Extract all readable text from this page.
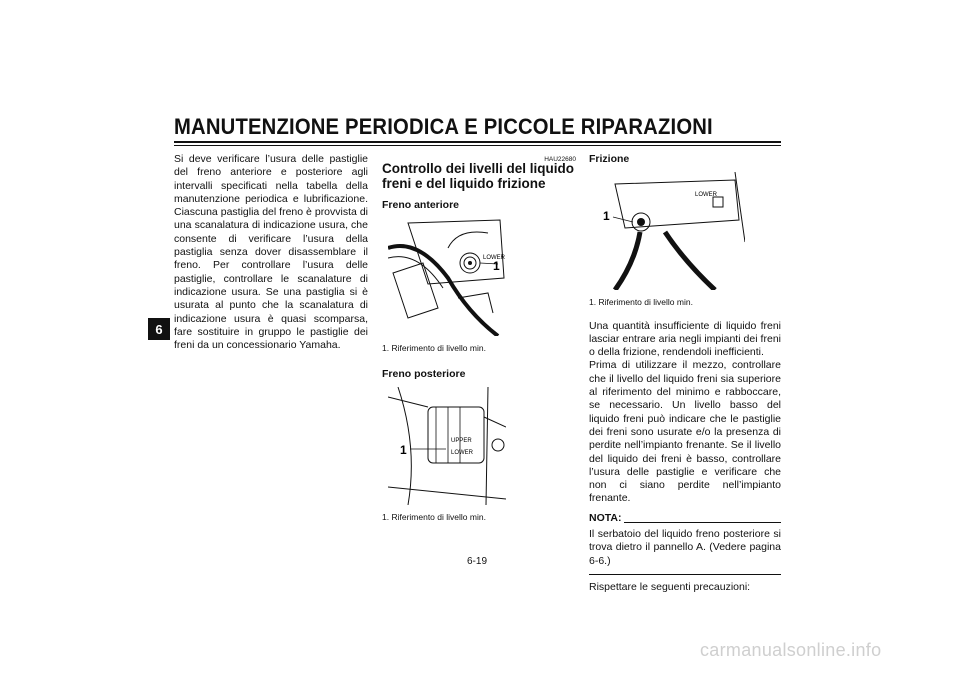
MANUTENZIONE PERIODICA E PICCOLE RIPARAZIONI
6

Si deve verificare l’usura delle pastiglie del freno anteriore e posteriore agli intervalli specificati nella tabella della manutenzione periodica e lubrificazione. Ciascuna pastiglia del freno è provvista di una scanalatura di indicazione usura, che consente di verificare l’usura della pastiglia senza dover disassemblare il freno. Per controllare l’usura delle pastiglie, controllare le scanalature di indicazione usura. Se una pastiglia si è usurata al punto che la scanalatura di indicazione usura è quasi scomparsa, fare sostituire in gruppo le pastiglie dei freni da un concessionario Yamaha.

HAU22680
Controllo dei livelli del liquido freni e del liquido frizione
Freno anteriore
LOWER
1
1. Riferimento di livello min.
Freno posteriore
UPPER
LOWER
1
1. Riferimento di livello min.
Frizione
LOWER
1
1. Riferimento di livello min.

Una quantità insufficiente di liquido freni lasciar entrare aria negli impianti dei freni o della frizione, rendendoli inefficienti.

Prima di utilizzare il mezzo, controllare che il livello del liquido freni sia superiore al riferimento del minimo e rabboccare, se necessario. Un livello basso del liquido freni può indicare che le pastiglie dei freni sono usurate e/o la presenza di perdite nell’impianto frenante. Se il livello del liquido dei freni è basso, controllare l’usura delle pastiglie e verificare che non ci siano perdite nell’impianto frenante.

NOTA:

Il serbatoio del liquido freno posteriore si trova dietro il pannello A. (Vedere pagina 6-6.)

Rispettare le seguenti precauzioni:

6-19
carmanualsonline.info
